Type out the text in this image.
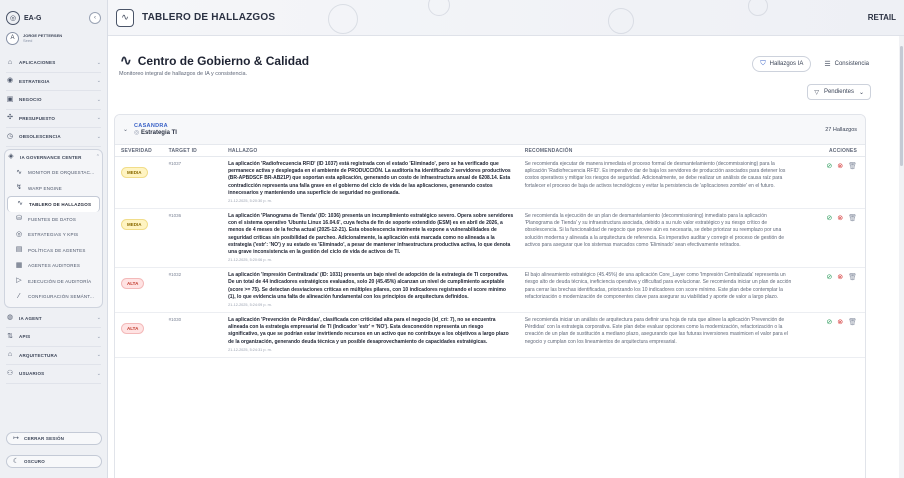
◎	EA-G	‹
A	JORGE PETTERSEN
Seed
⌂	APLICACIONES	⌄
◉ ESTRATEGIA	⌄
▣ NEGOCIO	⌄
✣ PRESUPUESTO	⌄
◷ OBSOLESCENCIA	⌄
◈ IA GOVERNANCE CENTER	⌃
∿ MONITOR DE ORQUESTAC...
↯ WARP ENGINE
∿ TABLERO DE HALLAZGOS
⛁ FUENTES DE DATOS
◎ ESTRATEGIAS Y KPIS
▤ POLÍTICAS DE AGENTES
▦ AGENTES AUDITORES
▷ EJECUCIÓN DE AUDITORÍA
⁄	CONFIGURACIÓN SEMÁNT...
◍ IA AGENT	⌄
⇅ APIS	⌄
⌂	ARQUITECTURA	⌄
⚇ USUARIOS	⌄
↦ CERRAR SESIÓN
☾ OSCURO
∿	TABLERO DE HALLAZGOS	RETAIL
∿ Centro de Gobierno & Calidad
Monitoreo integral de hallazgos de IA y consistencia.
⛉ Hallazgos IA	☰ Consistencia
▽ Pendientes ⌄
⌄
CASANDRA
◎ Estrategia TI
27 Hallazgos
SEVERIDAD	TARGET ID	HALLAZGO	RECOMENDACIÓN	ACCIONES
MEDIA
#1037	La aplicación 'Radiofrecuencia RFID' (ID 1037) está registrada con el estado 'Eliminado', pero se ha verificado que permanece activa y desplegada en el ambiente de PRODUCCIÓN. La auditoría ha identificado 2 servidores productivos (BR-APBDSCF BR-AB21P) que soportan esta aplicación, generando un costo de infraestructura anual de 6208.14. Esta contradicción representa una falla grave en el gobierno del ciclo de vida de las aplicaciones, generando costos innecesarios y manteniendo una superficie de seguridad no gestionada.
21-12-2025, 5:20:30 p. m.
Se recomienda ejecutar de manera inmediata el proceso formal de desmantelamiento (decommissioning) para la aplicación 'Radiofrecuencia RFID'. Es imperativo dar de baja los servidores de producción asociados para detener los costos operativos y mitigar los riesgos de seguridad. Adicionalmente, se debe realizar un análisis de causa raíz para fortalecer el proceso de baja de activos tecnológicos y evitar la persistencia de 'aplicaciones zombie' en el futuro.
⊘ ⊗ 🗑
MEDIA
#1036	La aplicación 'Planograma de Tienda' (ID: 1036) presenta un incumplimiento estratégico severo. Opera sobre servidores con el sistema operativo 'Ubuntu Linux 16.04.6', cuya fecha de fin de soporte extendido (ESM) es en abril de 2026, a menos de 4 meses de la fecha actual (2025-12-21). Esta obsolescencia inminente la expone a vulnerabilidades de seguridad críticas sin posibilidad de parcheo. Adicionalmente, la aplicación está marcada como no alineada a la estrategia ('estr': 'NO') y su estado es 'Eliminado', a pesar de mantener infraestructura productiva activa, lo que denota una grave inconsistencia en la gestión del ciclo de vida de activos de TI.
21-12-2025, 5:20:06 p. m.
Se recomienda la ejecución de un plan de desmantelamiento (decommissioning) inmediato para la aplicación 'Planograma de Tienda' y su infraestructura asociada, debido a su nulo valor estratégico y su riesgo crítico de obsolescencia. Si la funcionalidad de negocio que provee aún es necesaria, se debe priorizar su reemplazo por una solución moderna y alineada a la arquitectura de referencia. Es imperativo auditar y corregir el proceso de gestión de activos para asegurar que los sistemas marcados como 'Eliminado' sean efectivamente retirados.
⊘ ⊗ 🗑
ALTA
#1032	La aplicación 'Impresión Centralizada' (ID: 1031) presenta un bajo nivel de adopción de la estrategia de TI corporativa. De un total de 44 indicadores estratégicos evaluados, solo 20 (45.45%) alcanzan un nivel de cumplimiento aceptable (score >= 75). Se detectan desviaciones críticas en múltiples pilares, con 10 indicadores registrando el score mínimo (1), lo que evidencia una falta de alineación fundamental con los principios de arquitectura definidos.
21-12-2025, 5:24:09 p. m.
El bajo alineamiento estratégico (45.45%) de una aplicación Core_Layer como 'Impresión Centralizada' representa un riesgo alto de deuda técnica, ineficiencia operativa y dificultad para evolucionar. Se recomienda iniciar un plan de acción para cerrar las brechas identificadas, priorizando los 10 indicadores con score mínimo. Este plan debe contemplar la refactorización o modernización de componentes clave para asegurar su viabilidad y aporte de valor a largo plazo.
⊘ ⊗ 🗑
ALTA
#1030	La aplicación 'Prevención de Pérdidas', clasificada con criticidad alta para el negocio (id_cri: 7), no se encuentra alineada con la estrategia empresarial de TI (Indicador 'estr' = 'NO'). Esta desconexión representa un riesgo significativo, ya que se podrían estar invirtiendo recursos en un activo que no contribuye a los objetivos a largo plazo de la organización, generando deuda técnica y un posible desaprovechamiento de capacidades estratégicas.
21-12-2025, 5:24:31 p. m.
Se recomienda iniciar un análisis de arquitectura para definir una hoja de ruta que alinee la aplicación 'Prevención de Pérdidas' con la estrategia corporativa. Este plan debe evaluar opciones como la modernización, refactorización o la creación de un plan de sustitución a mediano plazo, asegurando que las futuras inversiones maximicen el valor para el negocio y cumplan con los lineamientos de arquitectura empresarial.
⊘ ⊗ 🗑
